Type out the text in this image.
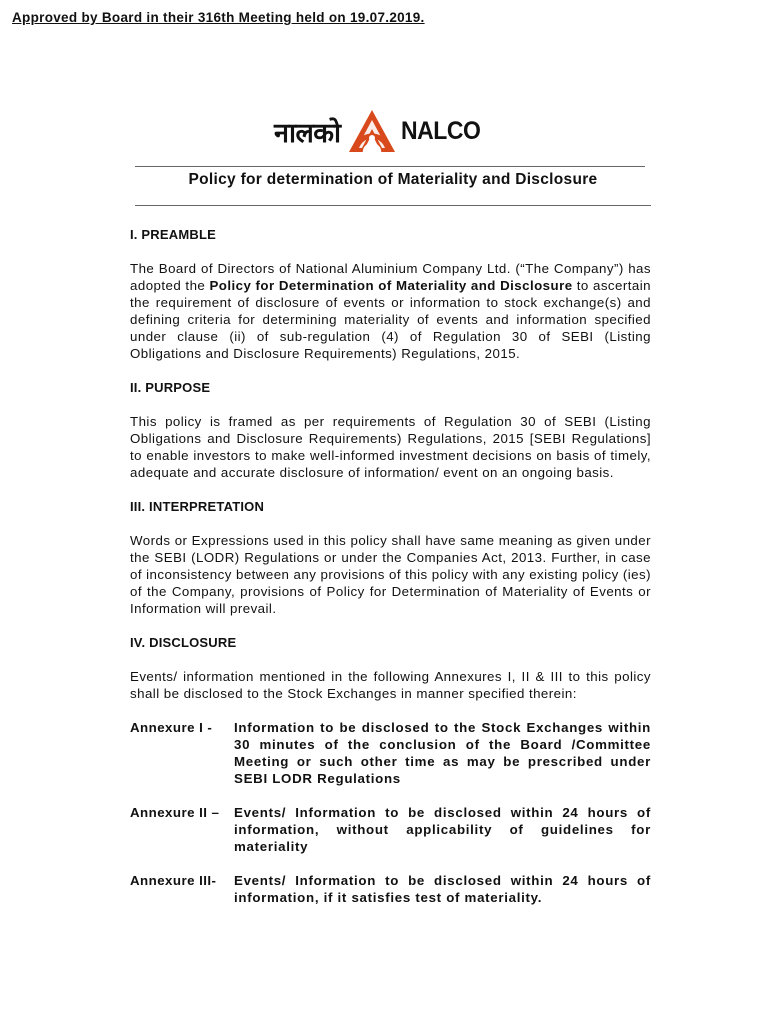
Approved by Board in their 316th Meeting held on 19.07.2019.
नालको NALCO
Policy for determination of Materiality and Disclosure

I. PREAMBLE

The Board of Directors of National Aluminium Company Ltd. (“The Company”) has adopted the Policy for Determination of Materiality and Disclosure to ascertain the requirement of disclosure of events or information to stock exchange(s) and defining criteria for determining materiality of events and information specified under clause (ii) of sub-regulation (4) of Regulation 30 of SEBI (Listing Obligations and Disclosure Requirements) Regulations, 2015.

II. PURPOSE

This policy is framed as per requirements of Regulation 30 of SEBI (Listing Obligations and Disclosure Requirements) Regulations, 2015 [SEBI Regulations] to enable investors to make well-informed investment decisions on basis of timely, adequate and accurate disclosure of information/ event on an ongoing basis.

III. INTERPRETATION

Words or Expressions used in this policy shall have same meaning as given under the SEBI (LODR) Regulations or under the Companies Act, 2013. Further, in case of inconsistency between any provisions of this policy with any existing policy (ies) of the Company, provisions of Policy for Determination of Materiality of Events or Information will prevail.

IV. DISCLOSURE

Events/ information mentioned in the following Annexures I, II & III to this policy shall be disclosed to the Stock Exchanges in manner specified therein:

Annexure I -	Information to be disclosed to the Stock Exchanges within 30 minutes of the conclusion of the Board /Committee Meeting or such other time as may be prescribed under SEBI LODR Regulations
Annexure II –	Events/ Information to be disclosed within 24 hours of information, without applicability of guidelines for materiality
Annexure III-	Events/ Information to be disclosed within 24 hours of information, if it satisfies test of materiality.
